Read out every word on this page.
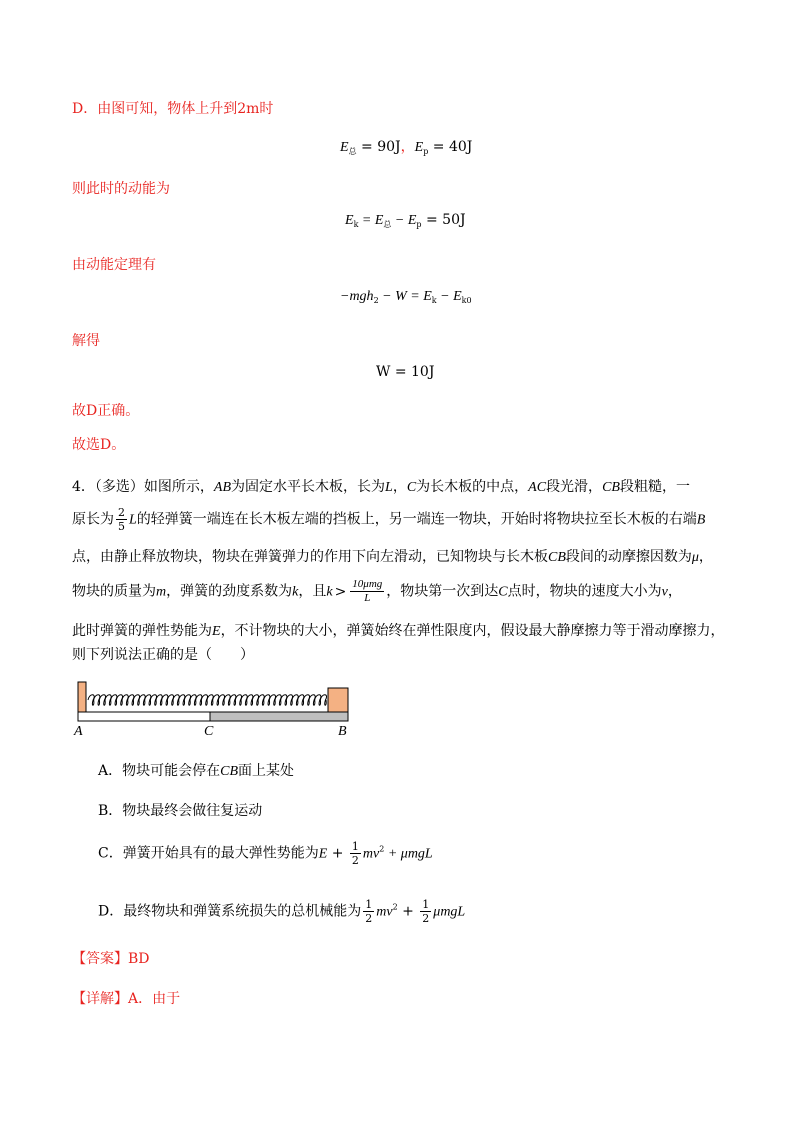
D．由图可知，物体上升到2m时
$E_总 = 90J$，$E_p = 40J$
则此时的动能为
$E_k = E_总 - E_p = 50J$
由动能定理有
$-mgh_2 - W = E_k - E_{k0}$
解得
W = 10J
故D正确。
故选D。
4．（多选）如图所示，AB为固定水平长木板，长为L，C为长木板的中点，AC段光滑，CB段粗糙，一
原长为 $\frac{2}{5}$ L的轻弹簧一端连在长木板左端的挡板上，另一端连一物块，开始时将物块拉至长木板的右端B
点，由静止释放物块，物块在弹簧弹力的作用下向左滑动，已知物块与长木板CB段间的动摩擦因数为μ，
物块的质量为m，弹簧的劲度系数为k，且$k > \frac{\text{10μmg}}{L}$ ，物块第一次到达C点时，物块的速度大小为v，
此时弹簧的弹性势能为E，不计物块的大小，弹簧始终在弹性限度内，假设最大静摩擦力等于滑动摩擦力，
则下列说法正确的是（　　）
A	C	B
A．物块可能会停在CB面上某处
B．物块最终会做往复运动
C．弹簧开始具有的最大弹性势能为$E + \frac{1}{2} mv^2 + \mu mgL$
D．最终物块和弹簧系统损失的总机械能为 $\frac{1}{2} mv^2 + \frac{1}{2}$ μmgL
【答案】BD
【详解】A．由于
